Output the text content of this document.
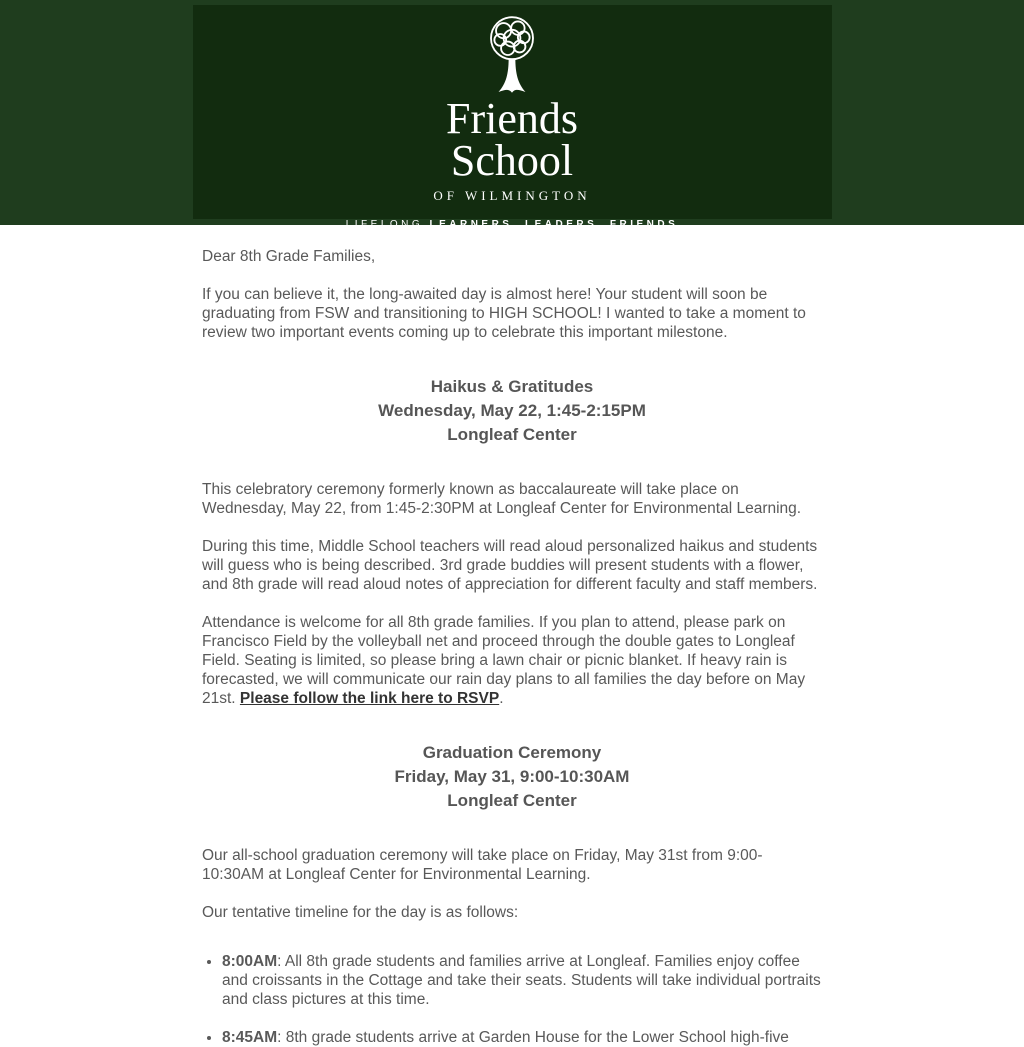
Friends
School
OF WILMINGTON
LIFELONG LEARNERS, LEADERS, FRIENDS

Dear 8th Grade Families,

If you can believe it, the long-awaited day is almost here! Your student will soon be graduating from FSW and transitioning to HIGH SCHOOL! I wanted to take a moment to review two important events coming up to celebrate this important milestone.

Haikus & Gratitudes
Wednesday, May 22, 1:45-2:15PM
Longleaf Center

This celebratory ceremony formerly known as baccalaureate will take place on Wednesday, May 22, from 1:45-2:30PM at Longleaf Center for Environmental Learning.

During this time, Middle School teachers will read aloud personalized haikus and students will guess who is being described. 3rd grade buddies will present students with a flower, and 8th grade will read aloud notes of appreciation for different faculty and staff members.

Attendance is welcome for all 8th grade families. If you plan to attend, please park on Francisco Field by the volleyball net and proceed through the double gates to Longleaf Field. Seating is limited, so please bring a lawn chair or picnic blanket. If heavy rain is forecasted, we will communicate our rain day plans to all families the day before on May 21st. Please follow the link here to RSVP.

Graduation Ceremony
Friday, May 31, 9:00-10:30AM
Longleaf Center

Our all-school graduation ceremony will take place on Friday, May 31st from 9:00-10:30AM at Longleaf Center for Environmental Learning.

Our tentative timeline for the day is as follows:

• 8:00AM: All 8th grade students and families arrive at Longleaf. Families enjoy coffee and croissants in the Cottage and take their seats. Students will take individual portraits and class pictures at this time.
• 8:45AM: 8th grade students arrive at Garden House for the Lower School high-five
